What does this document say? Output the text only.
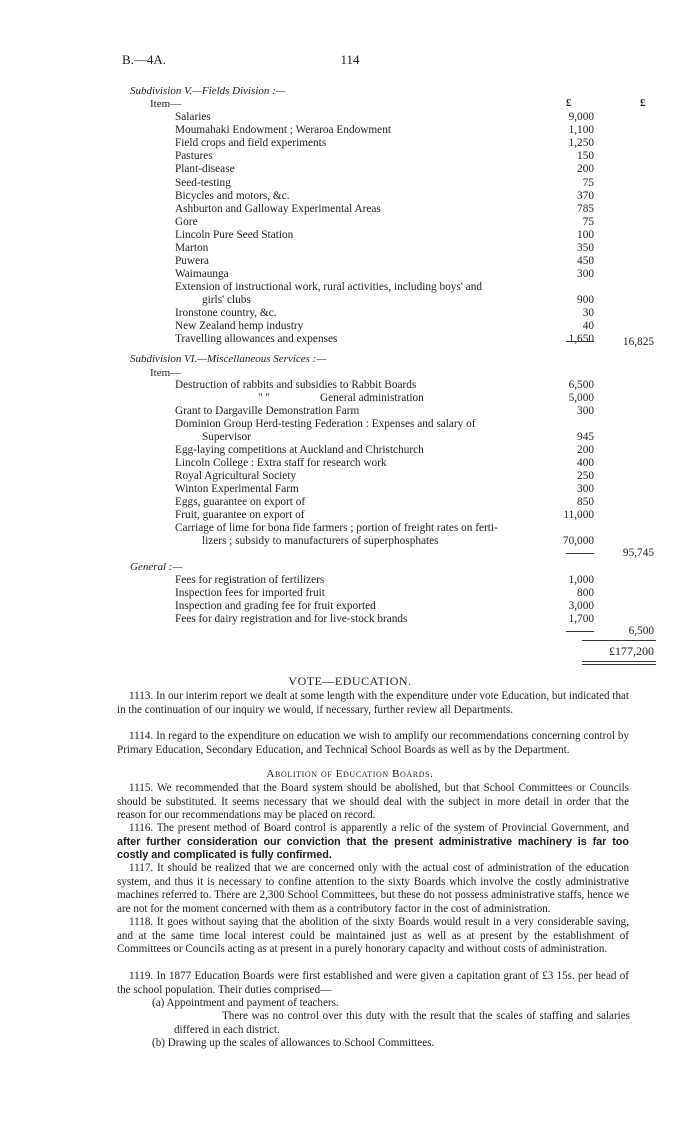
B.—4A.	114
£	£
Subdivision V.—Fields Division :—
Item—
Salaries ..	9,000
Moumahaki Endowment ; Weraroa Endowment ..	1,100
Field crops and field experiments ..	1,250
Pastures ..	150
Plant-disease ..	200
Seed-testing ..	75
Bicycles and motors, &c. ..	370
Ashburton and Galloway Experimental Areas ..	785
Gore ..	75
Lincoln Pure Seed Station ..	100
Marton ..	350
Puwera ..	450
Waimaunga ..	300
Extension of instructional work, rural activities, including boys' and
girls' clubs ..	900
Ironstone country, &c. ..	30
New Zealand hemp industry ..	40
Travelling allowances and expenses ..	1,650	16,825
Subdivision VI.—Miscellaneous Services :—
Item—
Destruction of rabbits and subsidies to Rabbit Boards ..	6,500
" "	General administration ..	5,000
Grant to Dargaville Demonstration Farm ..	300
Dominion Group Herd-testing Federation : Expenses and salary of
Supervisor ..	945
Egg-laying competitions at Auckland and Christchurch ..	200
Lincoln College : Extra staff for research work ..	400
Royal Agricultural Society ..	250
Winton Experimental Farm ..	300
Eggs, guarantee on export of ..	850
Fruit, guarantee on export of ..	11,000
Carriage of lime for bona fide farmers ; portion of freight rates on ferti-
lizers ; subsidy to manufacturers of superphosphates ..	70,000
95,745
General :—
Fees for registration of fertilizers ..	1,000
Inspection fees for imported fruit ..	800
Inspection and grading fee for fruit exported ..	3,000
Fees for dairy registration and for live-stock brands ..	1,700
6,500
£177,200
VOTE—EDUCATION.
1113. In our interim report we dealt at some length with the expenditure under vote Education, but indicated that in the continuation of our inquiry we would, if necessary, further review all Departments.
1114. In regard to the expenditure on education we wish to amplify our recommendations concerning control by Primary Education, Secondary Education, and Technical School Boards as well as by the Department.
Abolition of Education Boards.
1115. We recommended that the Board system should be abolished, but that School Committees or Councils should be substituted. It seems necessary that we should deal with the subject in more detail in order that the reason for our recommendations may be placed on record.
1116. The present method of Board control is apparently a relic of the system of Provincial Government, and after further consideration our conviction that the present administrative machinery is far too costly and complicated is fully confirmed.
1117. It should be realized that we are concerned only with the actual cost of administration of the education system, and thus it is necessary to confine attention to the sixty Boards which involve the costly administrative machines referred to. There are 2,300 School Committees, but these do not possess administrative staffs, hence we are not for the moment concerned with them as a contributory factor in the cost of administration.
1118. It goes without saying that the abolition of the sixty Boards would result in a very considerable saving, and at the same time local interest could be maintained just as well as at present by the establishment of Committees or Councils acting as at present in a purely honorary capacity and without costs of administration.
1119. In 1877 Education Boards were first established and were given a capitation grant of £3 15s. per head of the school population. Their duties comprised—
(a) Appointment and payment of teachers.
There was no control over this duty with the result that the scales of staffing and salaries differed in each district.
(b) Drawing up the scales of allowances to School Committees.
